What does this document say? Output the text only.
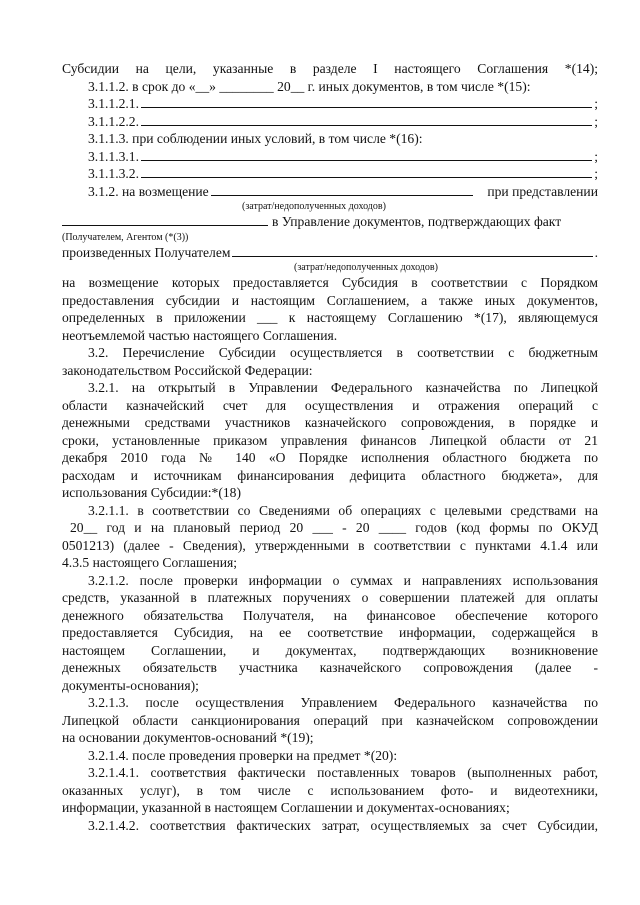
Субсидии на цели, указанные в разделе I настоящего Соглашения *(14);
3.1.1.2. в срок до «__» ________ 20__ г. иных документов, в том числе *(15):
3.1.1.2.1.	;
3.1.1.2.2.	;
3.1.1.3. при соблюдении иных условий, в том числе *(16):
3.1.1.3.1.	;
3.1.1.3.2.	;
3.1.2. на возмещение	при представлении
(затрат/недополученных доходов)
в Управление документов, подтверждающих факт
(Получателем, Агентом (*(3))
произведенных Получателем	.
(затрат/недополученных доходов)
на возмещение которых предоставляется Субсидия в соответствии с Порядком
предоставления субсидии и настоящим Соглашением, а также иных документов,
определенных в приложении ___ к настоящему Соглашению *(17), являющемуся
неотъемлемой частью настоящего Соглашения.
3.2. Перечисление Субсидии осуществляется в соответствии с бюджетным
законодательством Российской Федерации:
3.2.1. на открытый в Управлении Федерального казначейства по Липецкой
области казначейский счет для осуществления и отражения операций с
денежными средствами участников казначейского сопровождения, в порядке и
сроки, установленные приказом управления финансов Липецкой области от 21
декабря 2010 года № 140 «О Порядке исполнения областного бюджета по
расходам и источникам финансирования дефицита областного бюджета», для
использования Субсидии:*(18)
3.2.1.1. в соответствии со Сведениями об операциях с целевыми средствами на
20__ год и на плановый период 20 ___ - 20 ____ годов (код формы по ОКУД
0501213) (далее - Сведения), утвержденными в соответствии с пунктами 4.1.4 или
4.3.5 настоящего Соглашения;
3.2.1.2. после проверки информации о суммах и направлениях использования
средств, указанной в платежных поручениях о совершении платежей для оплаты
денежного обязательства Получателя, на финансовое обеспечение которого
предоставляется Субсидия, на ее соответствие информации, содержащейся в
настоящем Соглашении, и документах, подтверждающих возникновение
денежных обязательств участника казначейского сопровождения (далее -
документы-основания);
3.2.1.3. после осуществления Управлением Федерального казначейства по
Липецкой области санкционирования операций при казначейском сопровождении
на основании документов-оснований *(19);
3.2.1.4. после проведения проверки на предмет *(20):
3.2.1.4.1. соответствия фактически поставленных товаров (выполненных работ,
оказанных услуг), в том числе с использованием фото- и видеотехники,
информации, указанной в настоящем Соглашении и документах-основаниях;
3.2.1.4.2. соответствия фактических затрат, осуществляемых за счет Субсидии,
